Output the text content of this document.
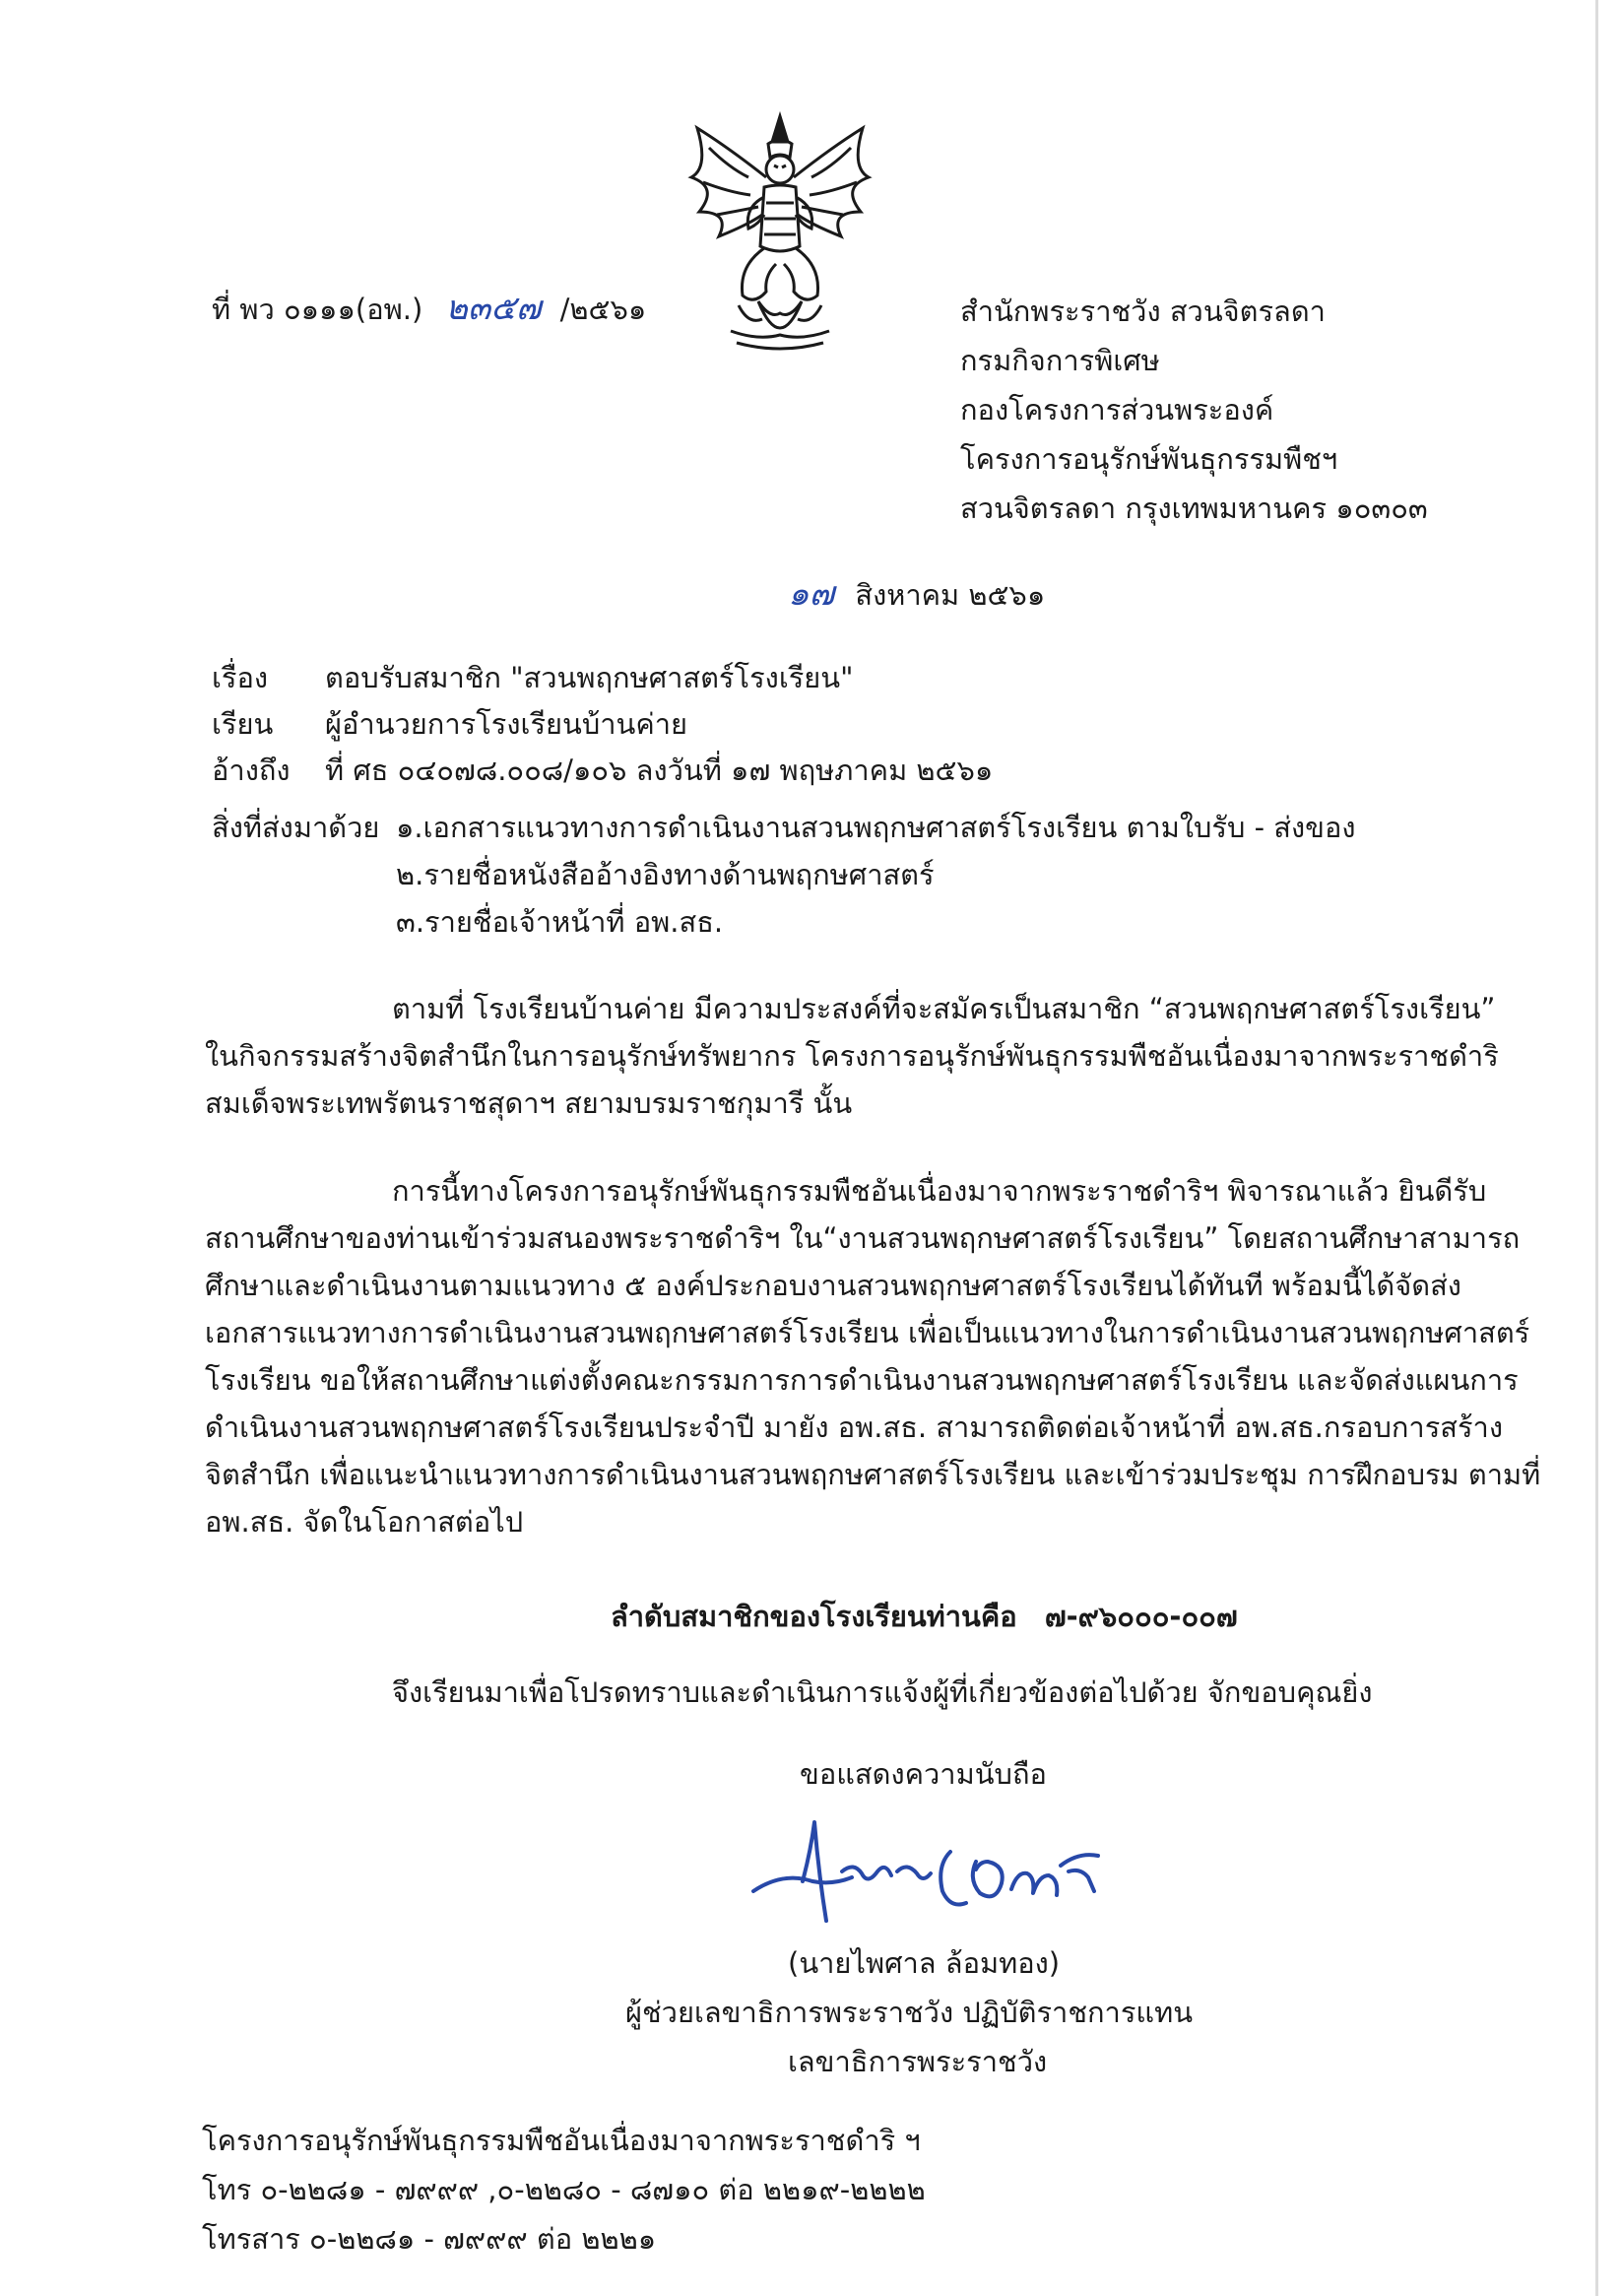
ที่ พว ๐๑๑๑(อพ.) ๒๓๕๗ /๒๕๖๑	สำนักพระราชวัง สวนจิตรลดา
กรมกิจการพิเศษ
กองโครงการส่วนพระองค์
โครงการอนุรักษ์พันธุกรรมพืชฯ
สวนจิตรลดา กรุงเทพมหานคร ๑๐๓๐๓
๑๗ สิงหาคม ๒๕๖๑
เรื่อง ตอบรับสมาชิก "สวนพฤกษศาสตร์โรงเรียน"
เรียน ผู้อำนวยการโรงเรียนบ้านค่าย
อ้างถึง ที่ ศธ ๐๔๐๗๘.๐๐๘/๑๐๖ ลงวันที่ ๑๗ พฤษภาคม ๒๕๖๑
สิ่งที่ส่งมาด้วย ๑.เอกสารแนวทางการดำเนินงานสวนพฤกษศาสตร์โรงเรียน ตามใบรับ - ส่งของ
๒.รายชื่อหนังสืออ้างอิงทางด้านพฤกษศาสตร์
๓.รายชื่อเจ้าหน้าที่ อพ.สธ.
ตามที่ โรงเรียนบ้านค่าย มีความประสงค์ที่จะสมัครเป็นสมาชิก “สวนพฤกษศาสตร์โรงเรียน”
ในกิจกรรมสร้างจิตสำนึกในการอนุรักษ์ทรัพยากร โครงการอนุรักษ์พันธุกรรมพืชอันเนื่องมาจากพระราชดำริ
สมเด็จพระเทพรัตนราชสุดาฯ สยามบรมราชกุมารี นั้น
การนี้ทางโครงการอนุรักษ์พันธุกรรมพืชอันเนื่องมาจากพระราชดำริฯ พิจารณาแล้ว ยินดีรับ
สถานศึกษาของท่านเข้าร่วมสนองพระราชดำริฯ ใน“งานสวนพฤกษศาสตร์โรงเรียน” โดยสถานศึกษาสามารถ
ศึกษาและดำเนินงานตามแนวทาง ๕ องค์ประกอบงานสวนพฤกษศาสตร์โรงเรียนได้ทันที พร้อมนี้ได้จัดส่ง
เอกสารแนวทางการดำเนินงานสวนพฤกษศาสตร์โรงเรียน เพื่อเป็นแนวทางในการดำเนินงานสวนพฤกษศาสตร์
โรงเรียน ขอให้สถานศึกษาแต่งตั้งคณะกรรมการการดำเนินงานสวนพฤกษศาสตร์โรงเรียน และจัดส่งแผนการ
ดำเนินงานสวนพฤกษศาสตร์โรงเรียนประจำปี มายัง อพ.สธ. สามารถติดต่อเจ้าหน้าที่ อพ.สธ.กรอบการสร้าง
จิตสำนึก เพื่อแนะนำแนวทางการดำเนินงานสวนพฤกษศาสตร์โรงเรียน และเข้าร่วมประชุม การฝึกอบรม ตามที่
อพ.สธ. จัดในโอกาสต่อไป
ลำดับสมาชิกของโรงเรียนท่านคือ ๗-๙๖๐๐๐-๐๐๗
จึงเรียนมาเพื่อโปรดทราบและดำเนินการแจ้งผู้ที่เกี่ยวข้องต่อไปด้วย จักขอบคุณยิ่ง
ขอแสดงความนับถือ
(นายไพศาล ล้อมทอง)
ผู้ช่วยเลขาธิการพระราชวัง ปฏิบัติราชการแทน
เลขาธิการพระราชวัง
โครงการอนุรักษ์พันธุกรรมพืชอันเนื่องมาจากพระราชดำริ ฯ
โทร ๐-๒๒๘๑ - ๗๙๙๙ ,๐-๒๒๘๐ - ๘๗๑๐ ต่อ ๒๒๑๙-๒๒๒๒
โทรสาร ๐-๒๒๘๑ - ๗๙๙๙ ต่อ ๒๒๒๑
